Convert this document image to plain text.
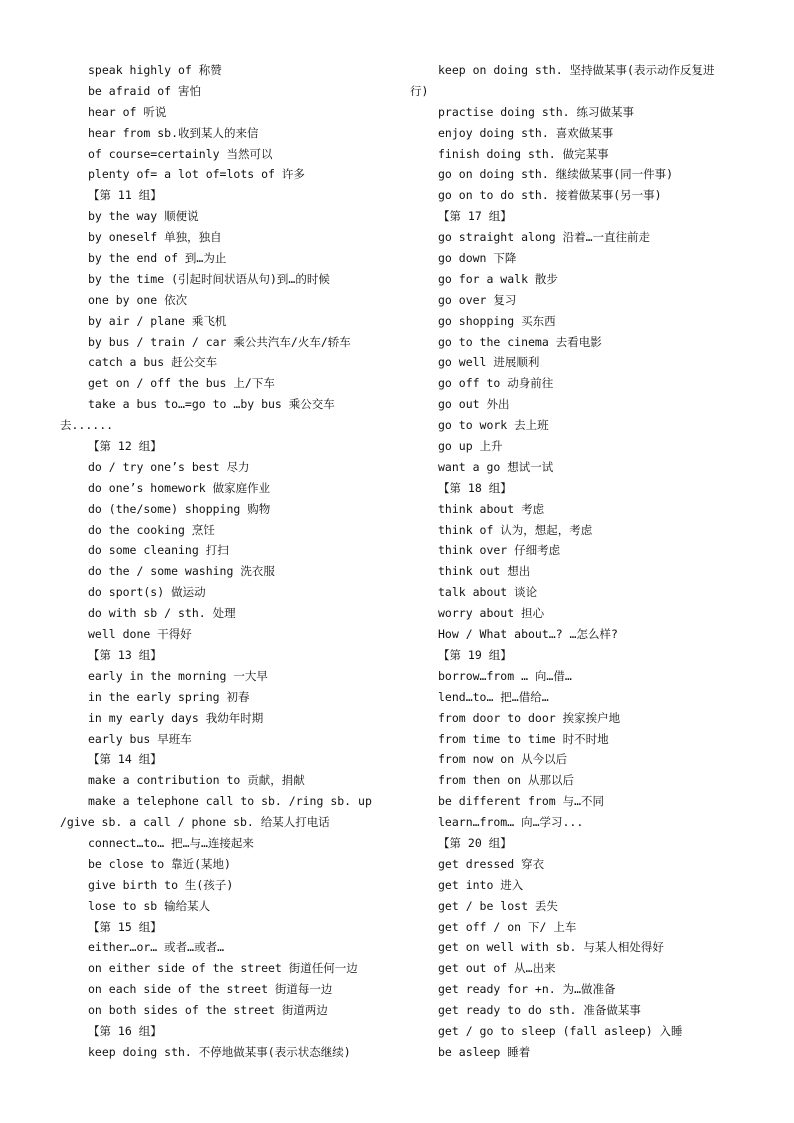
speak highly of 称赞
be afraid of 害怕
hear of 听说
hear from sb.收到某人的来信
of course=certainly 当然可以
plenty of= a lot of=lots of 许多
【第 11 组】
by the way 顺便说
by oneself 单独，独自
by the end of 到…为止
by the time (引起时间状语从句)到…的时候
one by one 依次
by air / plane 乘飞机
by bus / train / car 乘公共汽车/火车/轿车
catch a bus 赶公交车
get on / off the bus 上/下车
take a bus to…=go to …by bus 乘公交车
去......
【第 12 组】
do / try one’s best 尽力
do one’s homework 做家庭作业
do (the/some) shopping 购物
do the cooking 烹饪
do some cleaning 打扫
do the / some washing 洗衣服
do sport(s) 做运动
do with sb / sth. 处理
well done 干得好
【第 13 组】
early in the morning 一大早
in the early spring 初春
in my early days 我幼年时期
early bus 早班车
【第 14 组】
make a contribution to 贡献，捐献
make a telephone call to sb. /ring sb. up
/give sb. a call / phone sb. 给某人打电话
connect…to… 把…与…连接起来
be close to 靠近(某地)
give birth to 生(孩子)
lose to sb 输给某人
【第 15 组】
either…or… 或者…或者…
on either side of the street 街道任何一边
on each side of the street 街道每一边
on both sides of the street 街道两边
【第 16 组】
keep doing sth. 不停地做某事(表示状态继续)
keep on doing sth. 坚持做某事(表示动作反复进
行)
practise doing sth. 练习做某事
enjoy doing sth. 喜欢做某事
finish doing sth. 做完某事
go on doing sth. 继续做某事(同一件事)
go on to do sth. 接着做某事(另一事)
【第 17 组】
go straight along 沿着…一直往前走
go down 下降
go for a walk 散步
go over 复习
go shopping 买东西
go to the cinema 去看电影
go well 进展顺利
go off to 动身前往
go out 外出
go to work 去上班
go up 上升
want a go 想试一试
【第 18 组】
think about 考虑
think of 认为，想起，考虑
think over 仔细考虑
think out 想出
talk about 谈论
worry about 担心
How / What about…? …怎么样?
【第 19 组】
borrow…from … 向…借…
lend…to… 把…借给…
from door to door 挨家挨户地
from time to time 时不时地
from now on 从今以后
from then on 从那以后
be different from 与…不同
learn…from… 向…学习...
【第 20 组】
get dressed 穿衣
get into 进入
get / be lost 丢失
get off / on 下/ 上车
get on well with sb. 与某人相处得好
get out of 从…出来
get ready for +n. 为…做准备
get ready to do sth. 准备做某事
get / go to sleep (fall asleep) 入睡
be asleep 睡着
